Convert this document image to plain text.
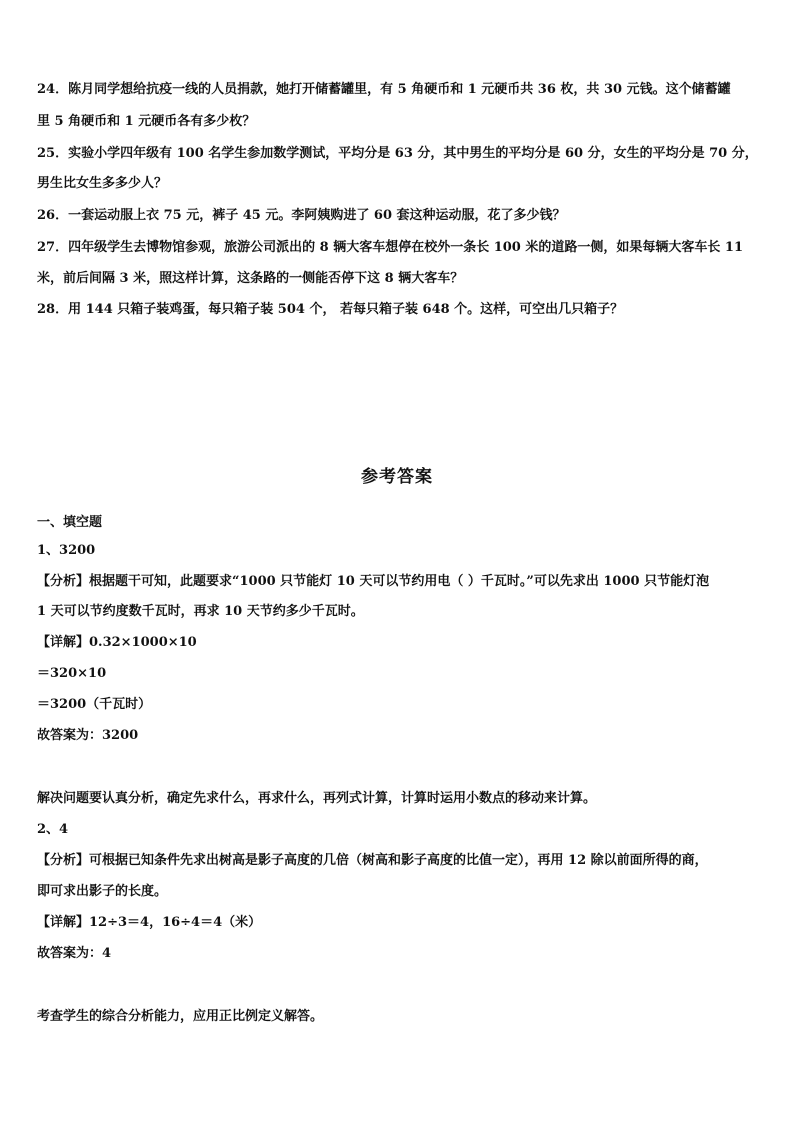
24．陈月同学想给抗疫一线的人员捐款，她打开储蓄罐里，有 5 角硬币和 1 元硬币共 36 枚，共 30 元钱。这个储蓄罐
里 5 角硬币和 1 元硬币各有多少枚？
25．实验小学四年级有 100 名学生参加数学测试，平均分是 63 分，其中男生的平均分是 60 分，女生的平均分是 70 分，
男生比女生多多少人？
26．一套运动服上衣 75 元，裤子 45 元。李阿姨购进了 60 套这种运动服，花了多少钱？
27．四年级学生去博物馆参观，旅游公司派出的 8 辆大客车想停在校外一条长 100 米的道路一侧，如果每辆大客车长 11
米，前后间隔 3 米，照这样计算，这条路的一侧能否停下这 8 辆大客车？
28．用 144 只箱子装鸡蛋，每只箱子装 504 个， 若每只箱子装 648 个。这样，可空出几只箱子？
参考答案
一、填空题
1、3200
【分析】根据题干可知，此题要求“1000 只节能灯 10 天可以节约用电（ ）千瓦时。”可以先求出 1000 只节能灯泡
1 天可以节约度数千瓦时，再求 10 天节约多少千瓦时。
【详解】0.32×1000×10
＝320×10
＝3200（千瓦时）
故答案为：3200
解决问题要认真分析，确定先求什么，再求什么，再列式计算，计算时运用小数点的移动来计算。
2、4
【分析】可根据已知条件先求出树高是影子高度的几倍（树高和影子高度的比值一定），再用 12 除以前面所得的商，
即可求出影子的长度。
【详解】12÷3＝4，16÷4＝4（米）
故答案为：4
考查学生的综合分析能力，应用正比例定义解答。
